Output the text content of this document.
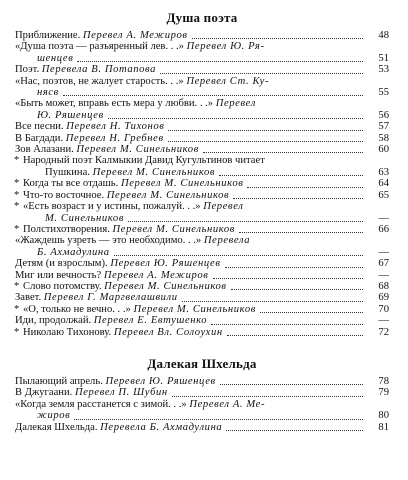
Душа поэта
Приближение. Перевел А. Межиров	48
«Душа поэта — разъяренный лев. . .» Перевел Ю. Ря-
шенцев	51
Поэт. Перевела В. Потапова	53
«Нас, поэтов, не жалует старость. . .» Перевел Ст. Ку-
нясв	55
«Быть может, вправь есть мера у любви. . .» Перевел
Ю. Ряшенцев	56
Все песни. Перевел Н. Тихонов	57
В Багдади. Перевел Н. Гребнев	58
Зов Алазани. Перевел М. Синельников	60
* Народный поэт Калмыкии Давид Кугультинов читает
Пушкина. Перевел М. Синельников	63
* Когда ты все отдашь. Перевел М. Синельников	64
* Что-то восточное. Перевел М. Синельников	65
* «Есть возраст и у истины, пожалуй. . .» Перевел
М. Синельников	—
* Полстихотворения. Перевел М. Синельников	66
«Жаждешь узреть — это необходимо. . .» Перевела
Б. Ахмадулина	—
Детям (и взрослым). Перевел Ю. Ряшенцев	67
Миг или вечность? Перевел А. Межиров	—
* Слово потомству. Перевел М. Синельников	68
Завет. Перевел Г. Маргвелашвили	69
* «О, только не вечно. . .» Перевел М. Синельников	70
Иди, продолжай. Перевел Е. Евтушенко	—
* Николаю Тихонову. Перевел Вл. Солоухин	72
Далекая Шхельда
Пылающий апрель. Перевел Ю. Ряшенцев	78
В Джугаани. Перевел П. Шубин	79
«Когда земля расстанется с зимой. . .» Перевел А. Ме-
жиров	80
Далекая Шхельда. Перевела Б. Ахмадулина	81
